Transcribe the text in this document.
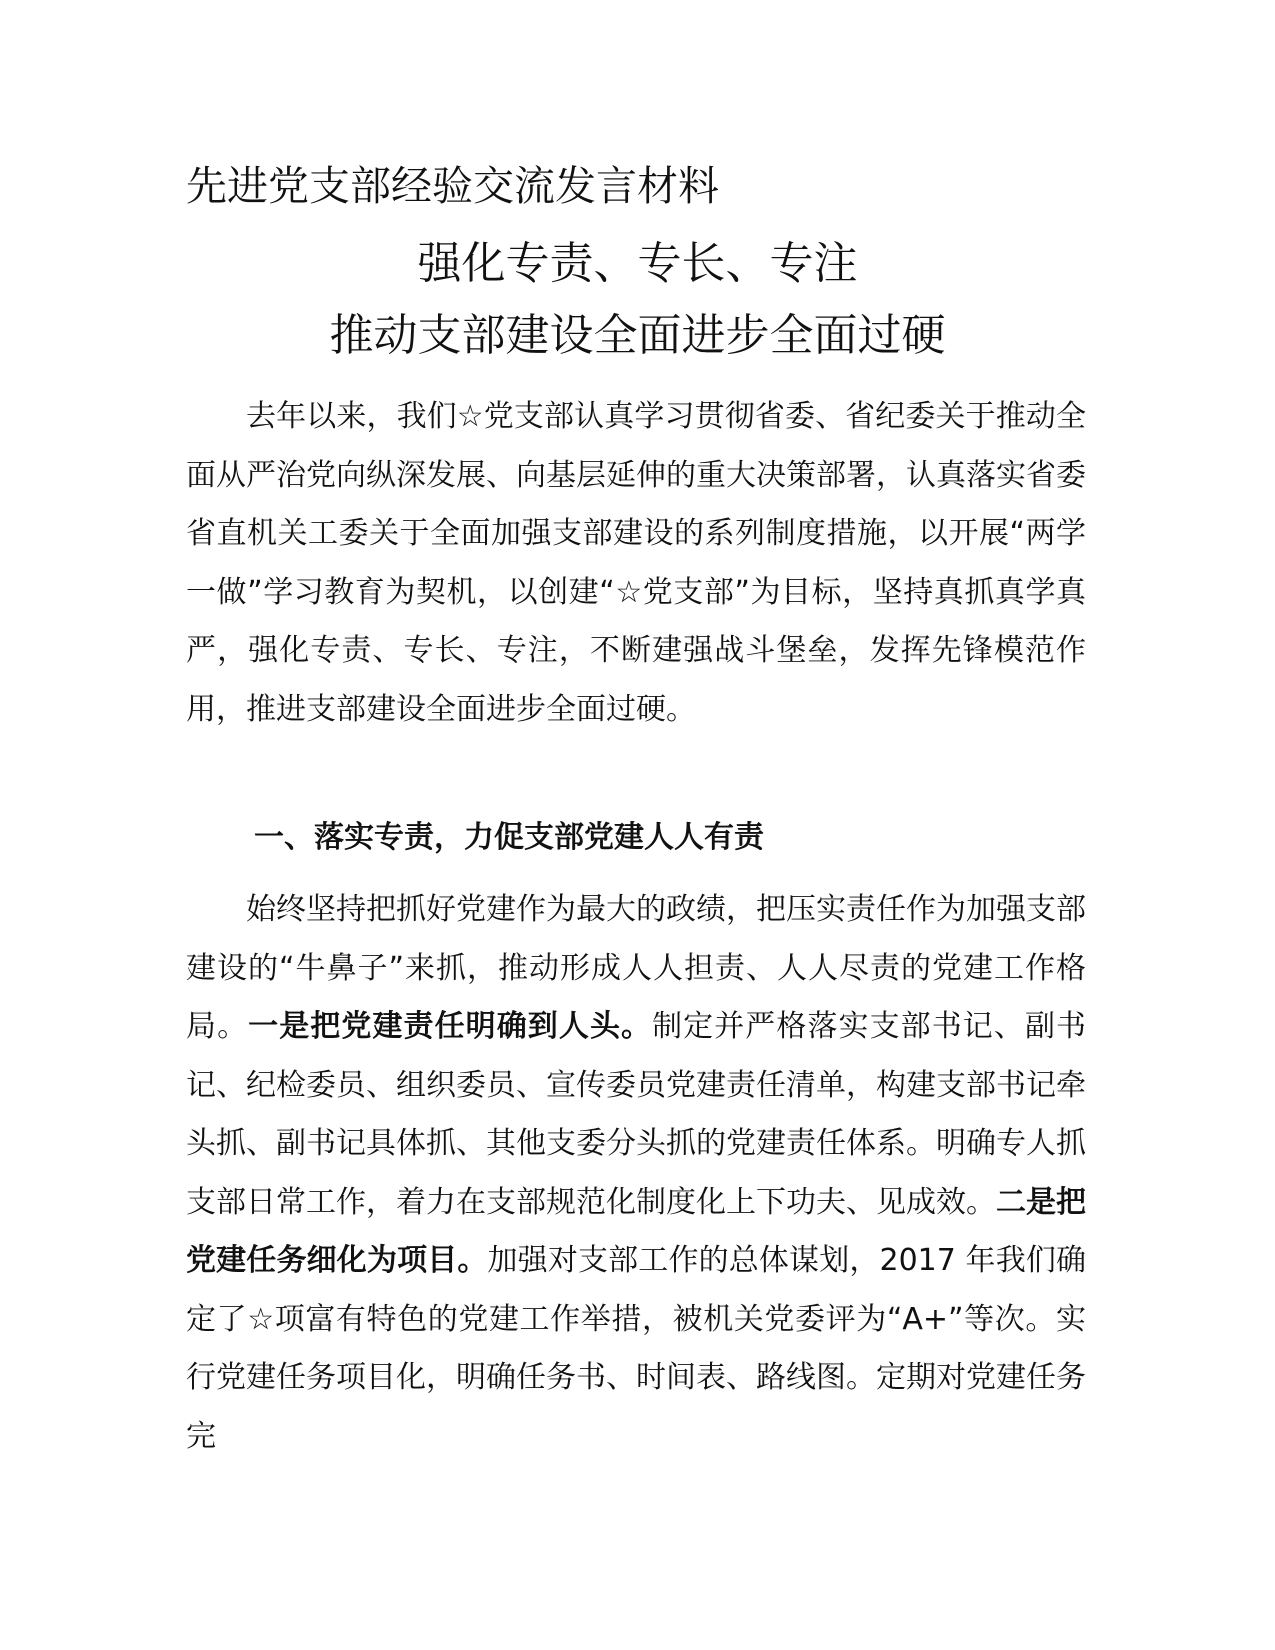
先进党支部经验交流发言材料
强化专责、专长、专注
推动支部建设全面进步全面过硬

去年以来，我们☆党支部认真学习贯彻省委、省纪委关于推动全面从严治党向纵深发展、向基层延伸的重大决策部署，认真落实省委省直机关工委关于全面加强支部建设的系列制度措施，以开展“两学一做”学习教育为契机，以创建“☆党支部”为目标，坚持真抓真学真严，强化专责、专长、专注，不断建强战斗堡垒，发挥先锋模范作用，推进支部建设全面进步全面过硬。

一、落实专责，力促支部党建人人有责

始终坚持把抓好党建作为最大的政绩，把压实责任作为加强支部建设的“牛鼻子”来抓，推动形成人人担责、人人尽责的党建工作格局。一是把党建责任明确到人头。制定并严格落实支部书记、副书记、纪检委员、组织委员、宣传委员党建责任清单，构建支部书记牵头抓、副书记具体抓、其他支委分头抓的党建责任体系。明确专人抓支部日常工作，着力在支部规范化制度化上下功夫、见成效。二是把党建任务细化为项目。加强对支部工作的总体谋划，2017 年我们确定了☆项富有特色的党建工作举措，被机关党委评为“A+”等次。实行党建任务项目化，明确任务书、时间表、路线图。定期对党建任务完
